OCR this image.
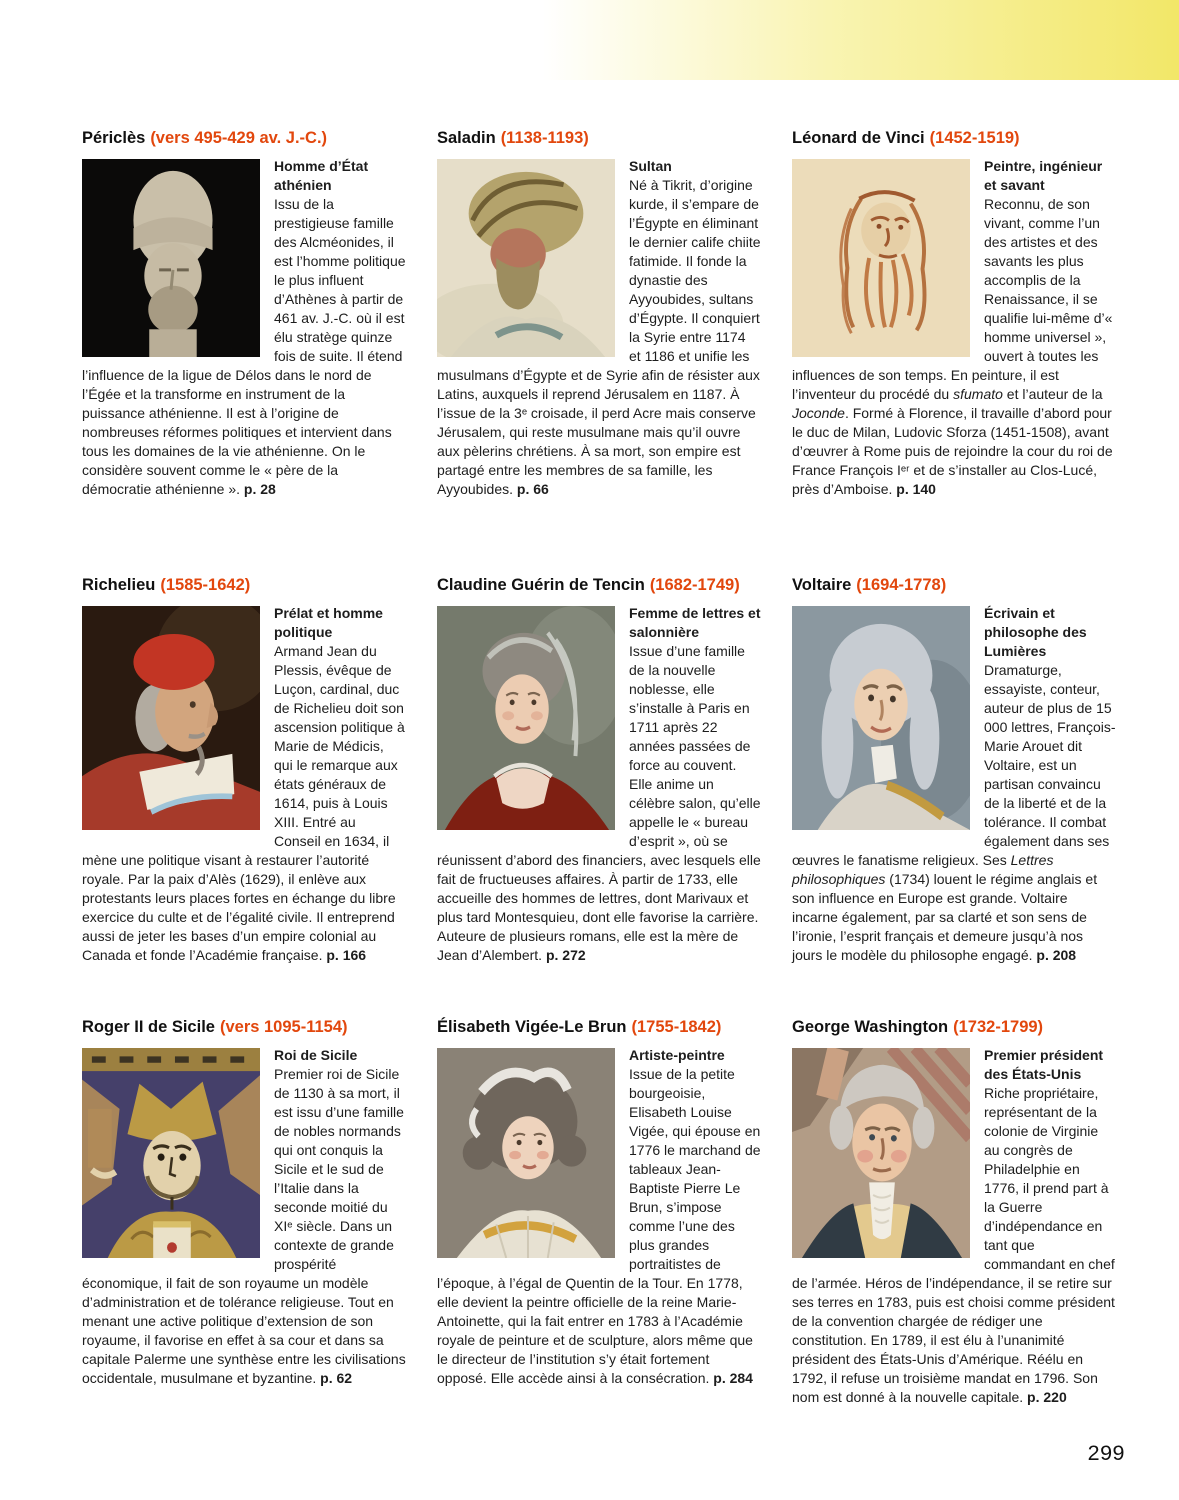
Périclès (vers 495-429 av. J.-C.)
Homme d’État athénien
Issu de la prestigieuse famille des Alcméonides, il est l’homme politique le plus influent d’Athènes à partir de 461 av. J.-C. où il est élu stratège quinze fois de suite. Il étend l’influence de la ligue de Délos dans le nord de l’Égée et la transforme en instrument de la puissance athénienne. Il est à l’origine de nombreuses réformes politiques et intervient dans tous les domaines de la vie athénienne. On le considère souvent comme le « père de la démocratie athénienne ». p. 28
Saladin (1138-1193)
Sultan
Né à Tikrit, d’origine kurde, il s’empare de l’Égypte en éliminant le dernier calife chiite fatimide. Il fonde la dynastie des Ayyoubides, sultans d’Égypte. Il conquiert la Syrie entre 1174 et 1186 et unifie les musulmans d’Égypte et de Syrie afin de résister aux Latins, auxquels il reprend Jérusalem en 1187. À l’issue de la 3ᵉ croisade, il perd Acre mais conserve Jérusalem, qui reste musulmane mais qu’il ouvre aux pèlerins chrétiens. À sa mort, son empire est partagé entre les membres de sa famille, les Ayyoubides. p. 66
Léonard de Vinci (1452-1519)
Peintre, ingénieur et savant
Reconnu, de son vivant, comme l’un des artistes et des savants les plus accomplis de la Renaissance, il se qualifie lui-même d’« homme universel », ouvert à toutes les influences de son temps. En peinture, il est l’inventeur du procédé du sfumato et l’auteur de la Joconde. Formé à Florence, il travaille d’abord pour le duc de Milan, Ludovic Sforza (1451-1508), avant d’œuvrer à Rome puis de rejoindre la cour du roi de France François Iᵉʳ et de s’installer au Clos-Lucé, près d’Amboise. p. 140
Richelieu (1585-1642)
Prélat et homme politique
Armand Jean du Plessis, évêque de Luçon, cardinal, duc de Richelieu doit son ascension politique à Marie de Médicis, qui le remarque aux états généraux de 1614, puis à Louis XIII. Entré au Conseil en 1634, il mène une politique visant à restaurer l’autorité royale. Par la paix d’Alès (1629), il enlève aux protestants leurs places fortes en échange du libre exercice du culte et de l’égalité civile. Il entreprend aussi de jeter les bases d’un empire colonial au Canada et fonde l’Académie française. p. 166
Claudine Guérin de Tencin (1682-1749)
Femme de lettres et salonnière
Issue d’une famille de la nouvelle noblesse, elle s’installe à Paris en 1711 après 22 années passées de force au couvent. Elle anime un célèbre salon, qu’elle appelle le « bureau d’esprit », où se réunissent d’abord des financiers, avec lesquels elle fait de fructueuses affaires. À partir de 1733, elle accueille des hommes de lettres, dont Marivaux et plus tard Montesquieu, dont elle favorise la carrière. Auteure de plusieurs romans, elle est la mère de Jean d’Alembert. p. 272
Voltaire (1694-1778)
Écrivain et philosophe des Lumières
Dramaturge, essayiste, conteur, auteur de plus de 15 000 lettres, François-Marie Arouet dit Voltaire, est un partisan convaincu de la liberté et de la tolérance. Il combat également dans ses œuvres le fanatisme religieux. Ses Lettres philosophiques (1734) louent le régime anglais et son influence en Europe est grande. Voltaire incarne également, par sa clarté et son sens de l’ironie, l’esprit français et demeure jusqu’à nos jours le modèle du philosophe engagé. p. 208
Roger II de Sicile (vers 1095-1154)
Roi de Sicile
Premier roi de Sicile de 1130 à sa mort, il est issu d’une famille de nobles normands qui ont conquis la Sicile et le sud de l’Italie dans la seconde moitié du XIᵉ siècle. Dans un contexte de grande prospérité économique, il fait de son royaume un modèle d’administration et de tolérance religieuse. Tout en menant une active politique d’extension de son royaume, il favorise en effet à sa cour et dans sa capitale Palerme une synthèse entre les civilisations occidentale, musulmane et byzantine. p. 62
Élisabeth Vigée-Le Brun (1755-1842)
Artiste-peintre
Issue de la petite bourgeoisie, Elisabeth Louise Vigée, qui épouse en 1776 le marchand de tableaux Jean-Baptiste Pierre Le Brun, s’impose comme l’une des plus grandes portraitistes de l’époque, à l’égal de Quentin de la Tour. En 1778, elle devient la peintre officielle de la reine Marie-Antoinette, qui la fait entrer en 1783 à l’Académie royale de peinture et de sculpture, alors même que le directeur de l’institution s’y était fortement opposé. Elle accède ainsi à la consécration. p. 284
George Washington (1732-1799)
Premier président des États-Unis
Riche propriétaire, représentant de la colonie de Virginie au congrès de Philadelphie en 1776, il prend part à la Guerre d’indépendance en tant que commandant en chef de l’armée. Héros de l’indépendance, il se retire sur ses terres en 1783, puis est choisi comme président de la convention chargée de rédiger une constitution. En 1789, il est élu à l’unanimité président des États-Unis d’Amérique. Réélu en 1792, il refuse un troisième mandat en 1796. Son nom est donné à la nouvelle capitale. p. 220
299
